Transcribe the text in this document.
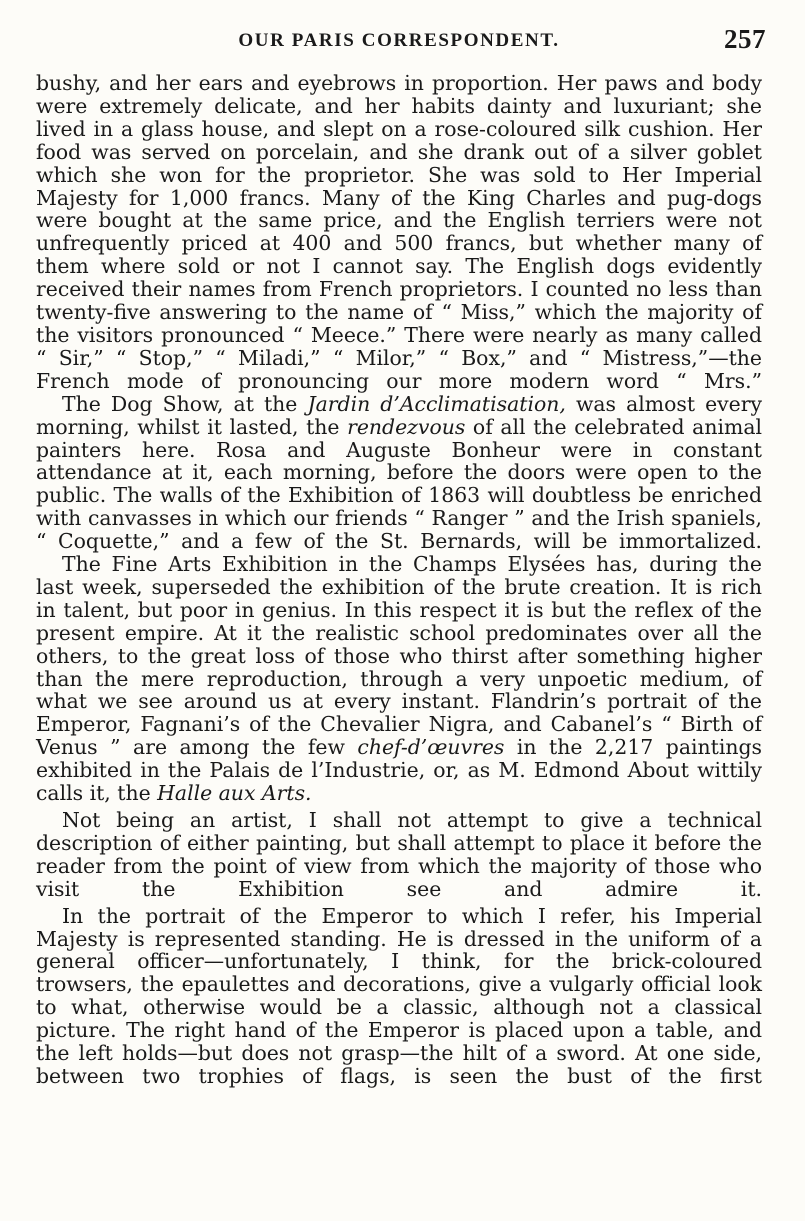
OUR PARIS CORRESPONDENT.	257

bushy, and her ears and eyebrows in proportion. Her paws and body were extremely delicate, and her habits dainty and luxuriant; she lived in a glass house, and slept on a rose-coloured silk cushion. Her food was served on porcelain, and she drank out of a silver goblet which she won for the proprietor. She was sold to Her Imperial Majesty for 1,000 francs. Many of the King Charles and pug-dogs were bought at the same price, and the English terriers were not unfrequently priced at 400 and 500 francs, but whether many of them where sold or not I cannot say. The English dogs evidently received their names from French proprietors. I counted no less than twenty-five answering to the name of “ Miss,” which the majority of the visitors pronounced “ Meece.” There were nearly as many called “ Sir,” “ Stop,” “ Miladi,” “ Milor,” “ Box,” and “ Mistress,”—the French mode of pronouncing our more modern word “ Mrs.”

The Dog Show, at the Jardin d’Acclimatisation, was almost every morning, whilst it lasted, the rendezvous of all the celebrated animal painters here. Rosa and Auguste Bonheur were in constant attendance at it, each morning, before the doors were open to the public. The walls of the Exhibition of 1863 will doubtless be enriched with canvasses in which our friends “ Ranger ” and the Irish spaniels, “ Coquette,” and a few of the St. Bernards, will be immortalized.

The Fine Arts Exhibition in the Champs Elysées has, during the last week, superseded the exhibition of the brute creation. It is rich in talent, but poor in genius. In this respect it is but the reflex of the present empire. At it the realistic school predominates over all the others, to the great loss of those who thirst after something higher than the mere reproduction, through a very unpoetic medium, of what we see around us at every instant. Flandrin’s portrait of the Emperor, Fagnani’s of the Chevalier Nigra, and Cabanel’s “ Birth of Venus ” are among the few chef-d’œuvres in the 2,217 paintings exhibited in the Palais de l’Industrie, or, as M. Edmond About wittily calls it, the Halle aux Arts.

Not being an artist, I shall not attempt to give a technical description of either painting, but shall attempt to place it before the reader from the point of view from which the majority of those who visit the Exhibition see and admire it.

In the portrait of the Emperor to which I refer, his Imperial Majesty is represented standing. He is dressed in the uniform of a general officer—unfortunately, I think, for the brick-coloured trowsers, the epaulettes and decorations, give a vulgarly official look to what, otherwise would be a classic, although not a classical picture. The right hand of the Emperor is placed upon a table, and the left holds—but does not grasp—the hilt of a sword. At one side, between two trophies of flags, is seen the bust of the first
